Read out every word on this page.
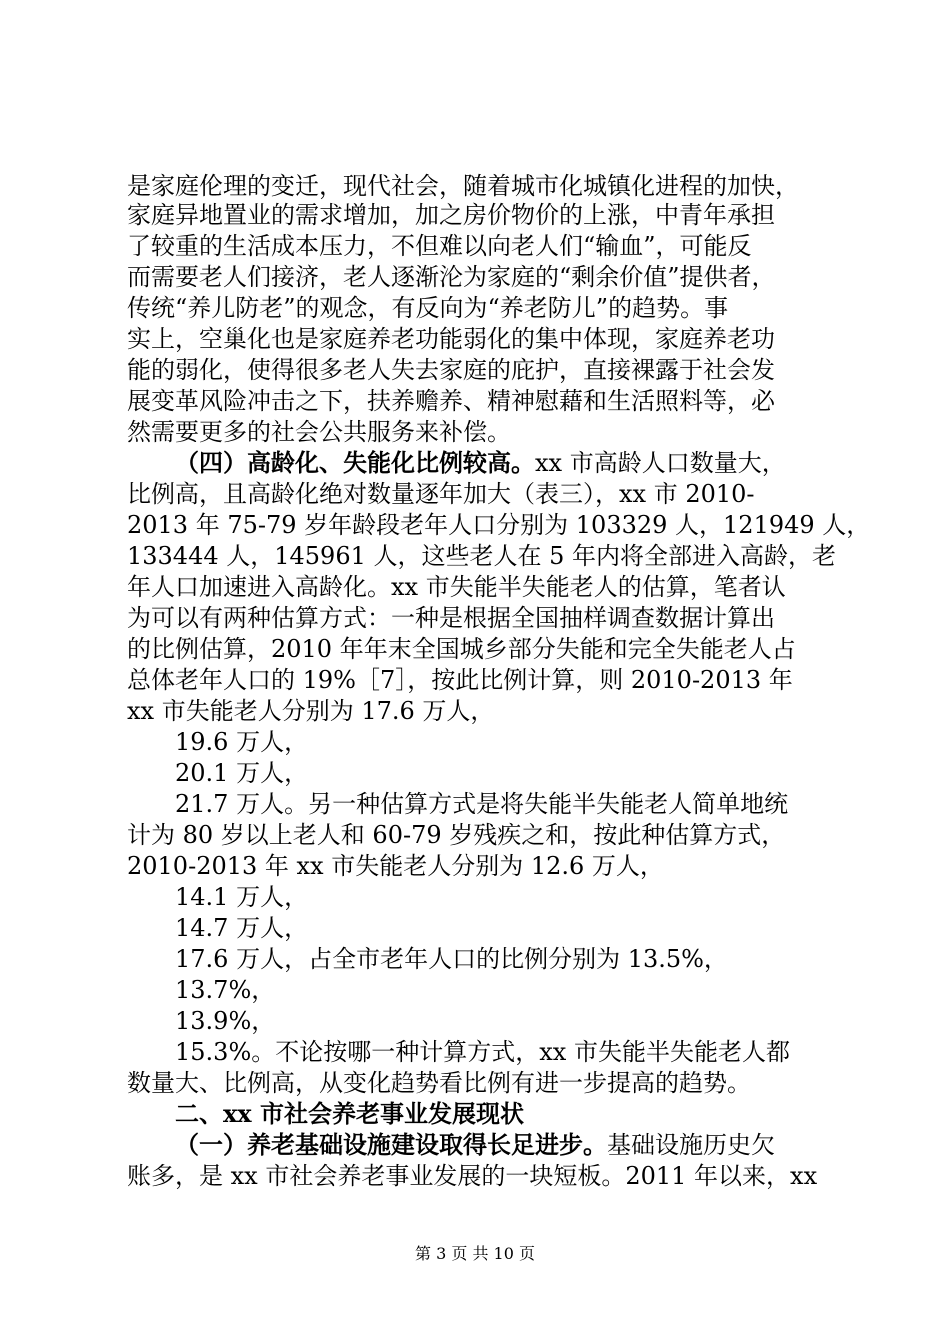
是家庭伦理的变迁，现代社会，随着城市化城镇化进程的加快，
家庭异地置业的需求增加，加之房价物价的上涨，中青年承担
了较重的生活成本压力，不但难以向老人们“输血”，可能反
而需要老人们接济，老人逐渐沦为家庭的“剩余价值”提供者，
传统“养儿防老”的观念，有反向为“养老防儿”的趋势。事
实上，空巢化也是家庭养老功能弱化的集中体现，家庭养老功
能的弱化，使得很多老人失去家庭的庇护，直接裸露于社会发
展变革风险冲击之下，扶养赡养、精神慰藉和生活照料等，必
然需要更多的社会公共服务来补偿。
（四）高龄化、失能化比例较高。xx 市高龄人口数量大，
比例高，且高龄化绝对数量逐年加大（表三），xx 市 2010-
2013 年 75-79 岁年龄段老年人口分别为 103329 人，121949 人，
133444 人，145961 人，这些老人在 5 年内将全部进入高龄，老
年人口加速进入高龄化。xx 市失能半失能老人的估算，笔者认
为可以有两种估算方式：一种是根据全国抽样调查数据计算出
的比例估算，2010 年年末全国城乡部分失能和完全失能老人占
总体老年人口的 19%［7］，按此比例计算，则 2010-2013 年
xx 市失能老人分别为 17.6 万人，
19.6 万人，
20.1 万人，
21.7 万人。另一种估算方式是将失能半失能老人简单地统
计为 80 岁以上老人和 60-79 岁残疾之和，按此种估算方式，
2010-2013 年 xx 市失能老人分别为 12.6 万人，
14.1 万人，
14.7 万人，
17.6 万人，占全市老年人口的比例分别为 13.5%，
13.7%，
13.9%，
15.3%。不论按哪一种计算方式，xx 市失能半失能老人都
数量大、比例高，从变化趋势看比例有进一步提高的趋势。
二、xx 市社会养老事业发展现状
（一）养老基础设施建设取得长足进步。基础设施历史欠
账多，是 xx 市社会养老事业发展的一块短板。2011 年以来，xx
第 3 页 共 10 页
